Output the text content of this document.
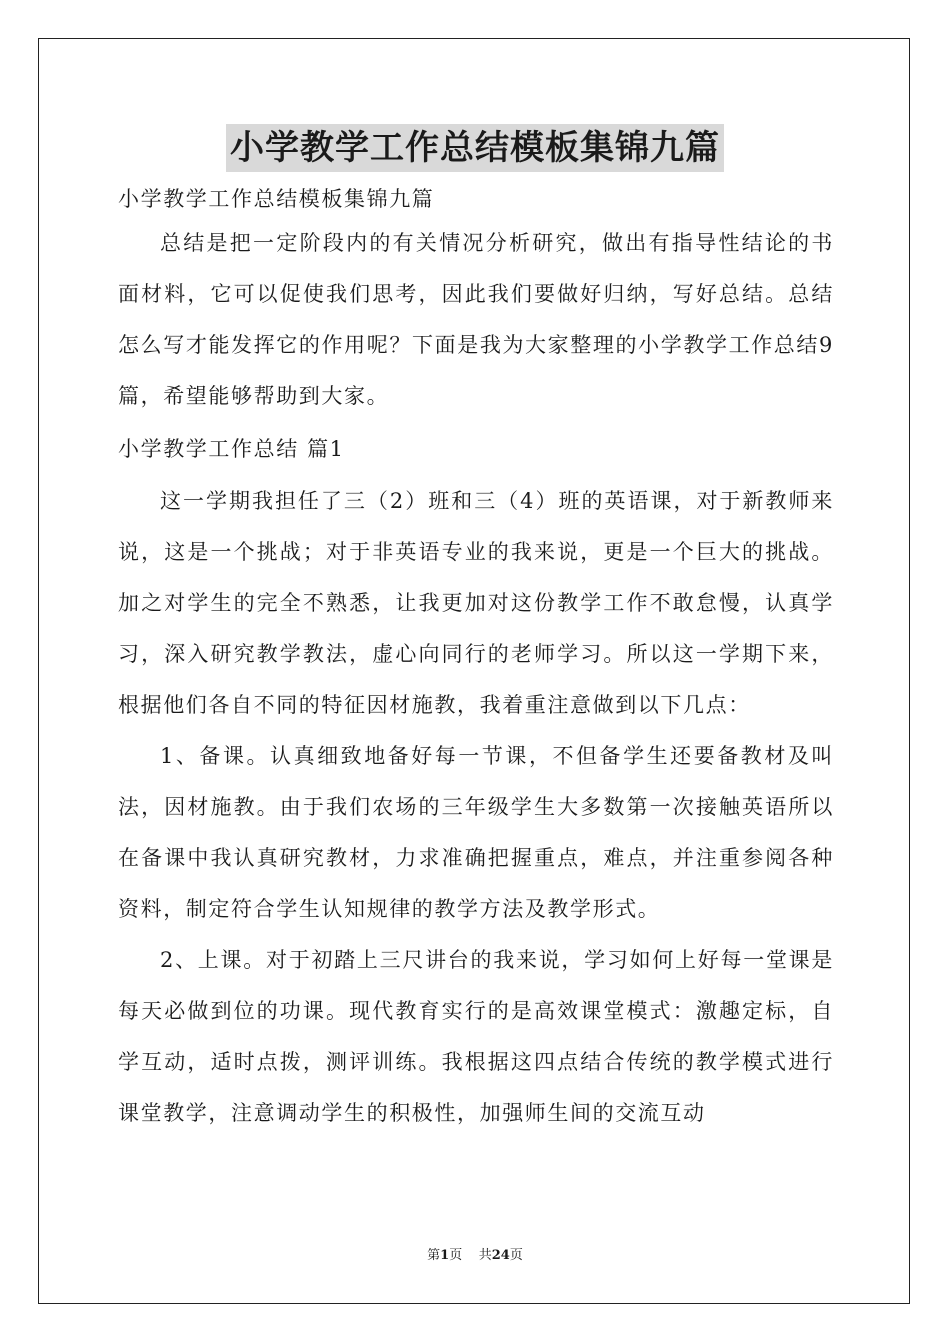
小学教学工作总结模板集锦九篇

小学教学工作总结模板集锦九篇

总结是把一定阶段内的有关情况分析研究，做出有指导性结论的书面材料，它可以促使我们思考，因此我们要做好归纳，写好总结。总结怎么写才能发挥它的作用呢？下面是我为大家整理的小学教学工作总结9篇，希望能够帮助到大家。

小学教学工作总结 篇1

这一学期我担任了三（2）班和三（4）班的英语课，对于新教师来说，这是一个挑战；对于非英语专业的我来说，更是一个巨大的挑战。加之对学生的完全不熟悉，让我更加对这份教学工作不敢怠慢，认真学习，深入研究教学教法，虚心向同行的老师学习。所以这一学期下来，根据他们各自不同的特征因材施教，我着重注意做到以下几点：

1、备课。认真细致地备好每一节课，不但备学生还要备教材及叫法，因材施教。由于我们农场的三年级学生大多数第一次接触英语所以在备课中我认真研究教材，力求准确把握重点，难点，并注重参阅各种资料，制定符合学生认知规律的教学方法及教学形式。

2、上课。对于初踏上三尺讲台的我来说，学习如何上好每一堂课是每天必做到位的功课。现代教育实行的是高效课堂模式：激趣定标，自学互动，适时点拨，测评训练。我根据这四点结合传统的教学模式进行课堂教学，注意调动学生的积极性，加强师生间的交流互动

第1页 共24页
